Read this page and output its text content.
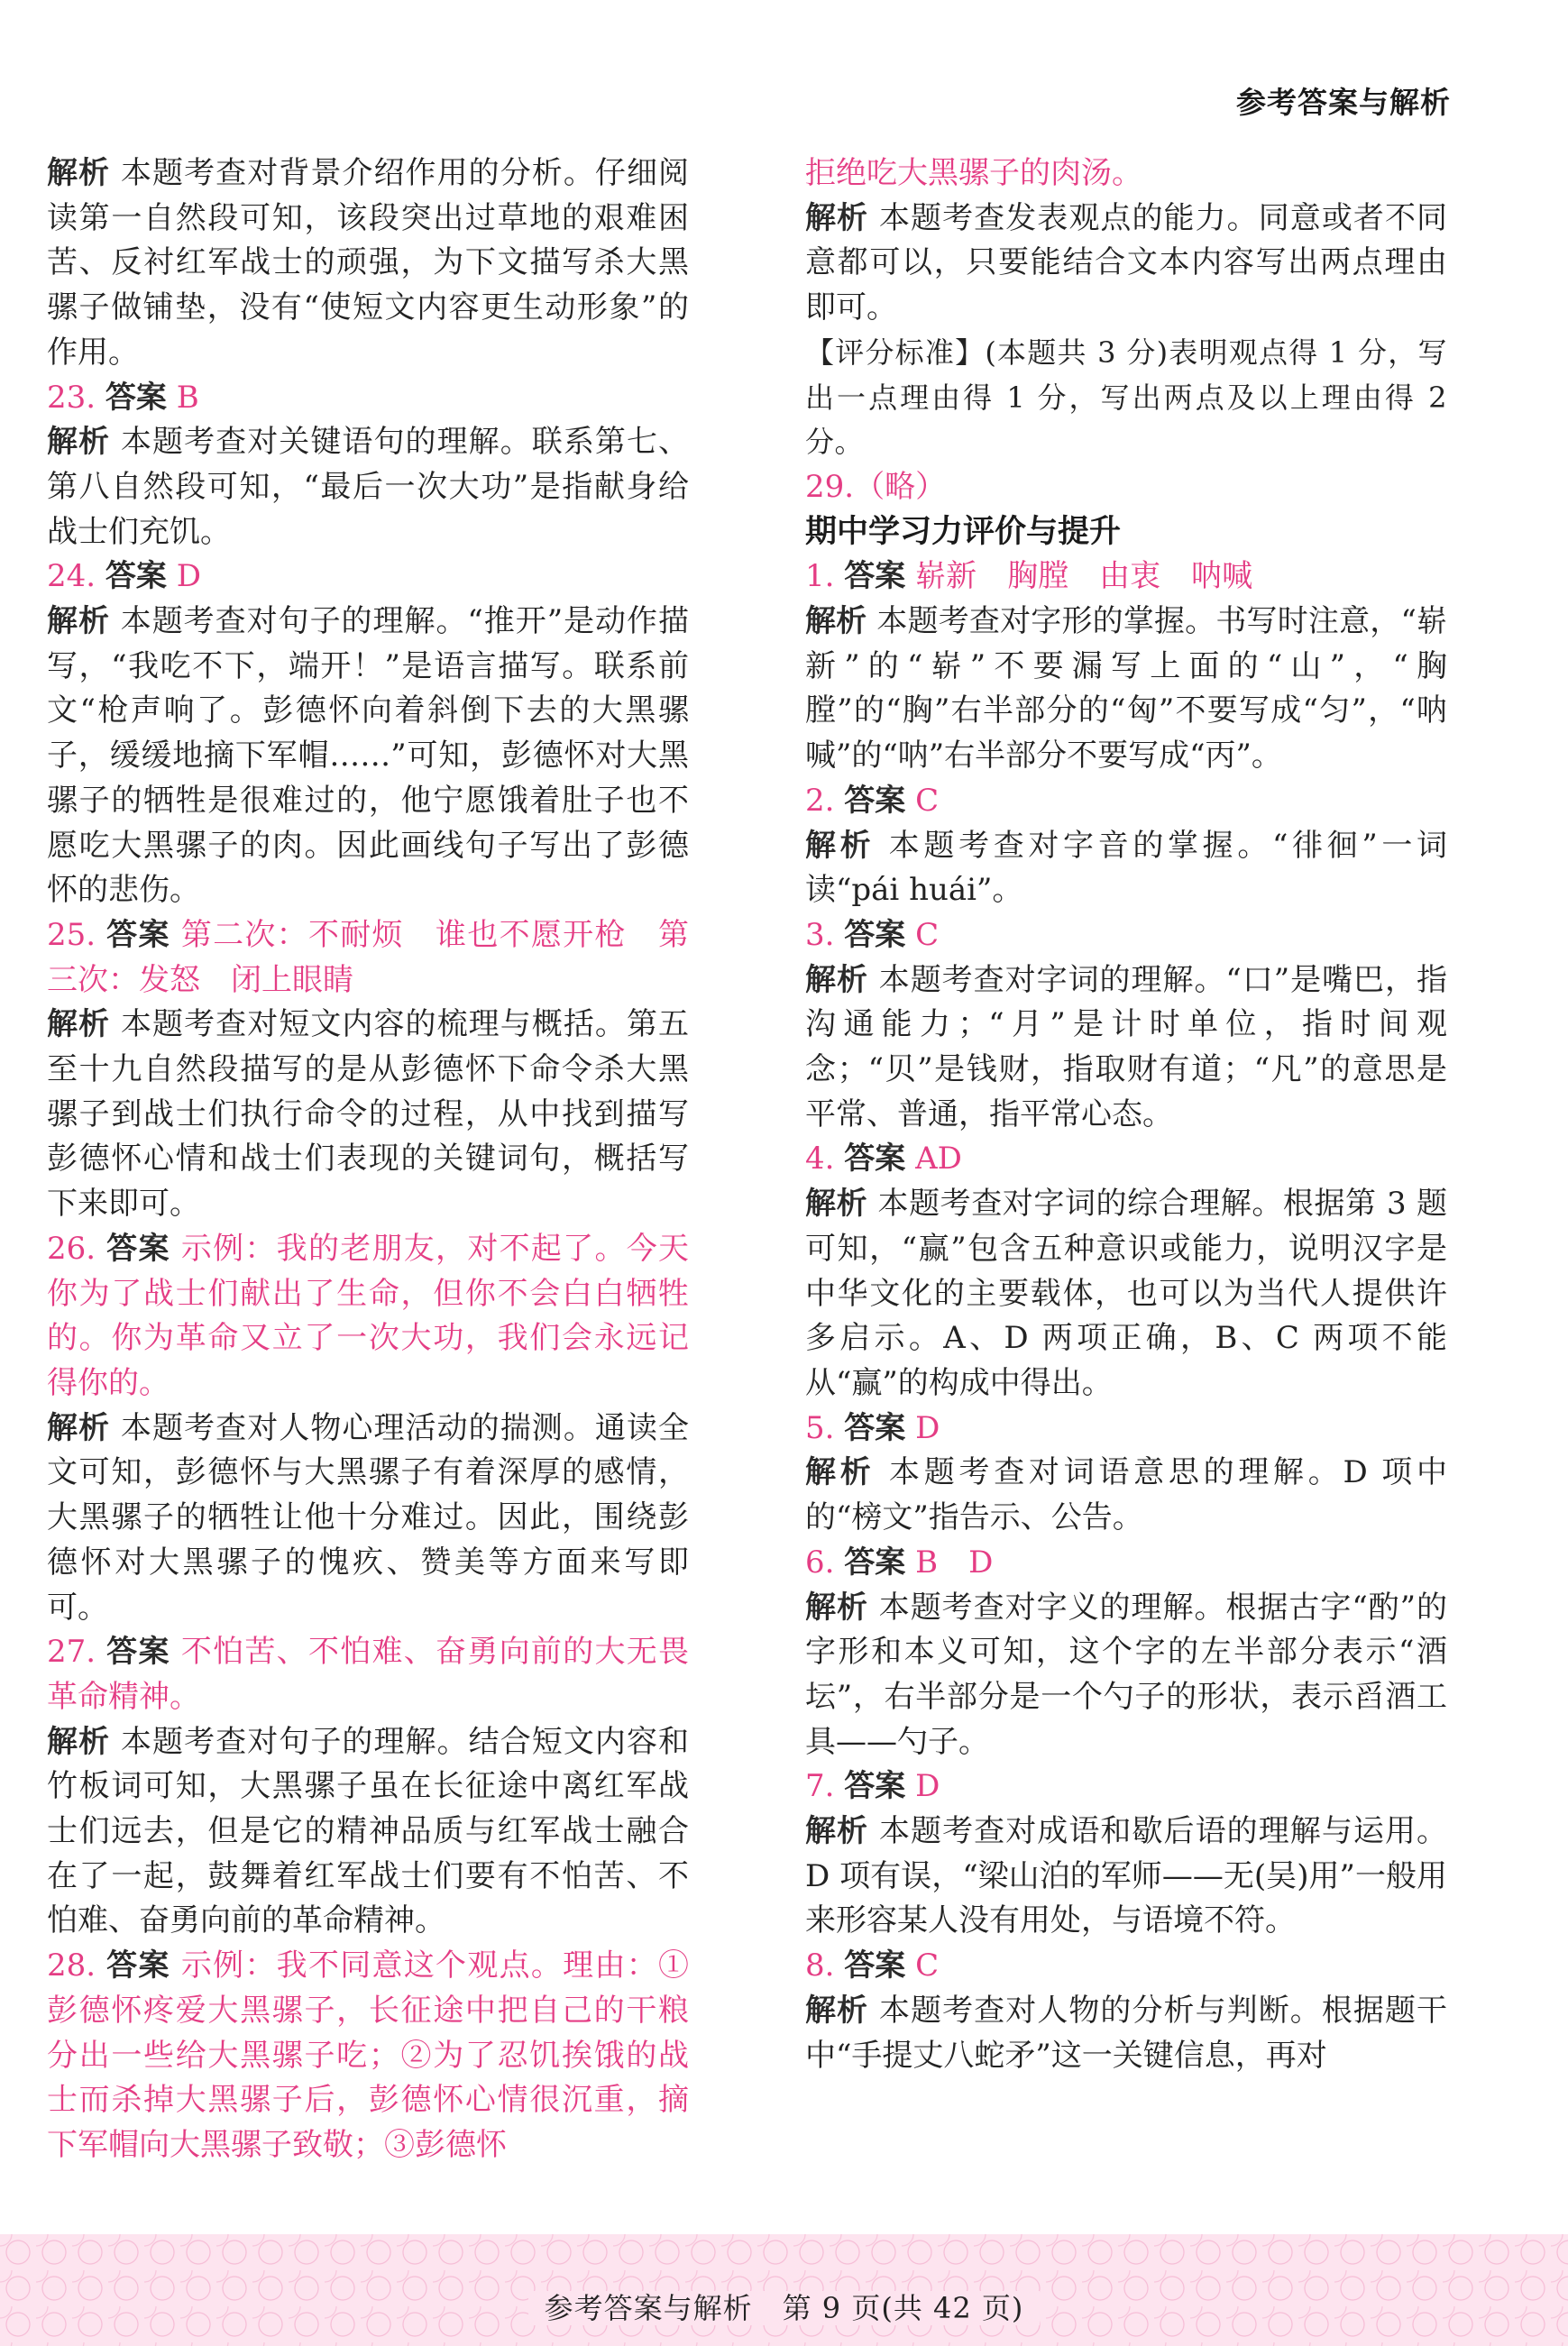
参考答案与解析

解析 本题考查对背景介绍作用的分析。仔细阅读第一自然段可知，该段突出过草地的艰难困苦、反衬红军战士的顽强，为下文描写杀大黑骡子做铺垫，没有“使短文内容更生动形象”的作用。

23. 答案 B

解析 本题考查对关键语句的理解。联系第七、第八自然段可知，“最后一次大功”是指献身给战士们充饥。

24. 答案 D

解析 本题考查对句子的理解。“推开”是动作描写，“我吃不下，端开！”是语言描写。联系前文“枪声响了。彭德怀向着斜倒下去的大黑骡子，缓缓地摘下军帽……”可知，彭德怀对大黑骡子的牺牲是很难过的，他宁愿饿着肚子也不愿吃大黑骡子的肉。因此画线句子写出了彭德怀的悲伤。

25. 答案 第二次：不耐烦　谁也不愿开枪　第三次：发怒　闭上眼睛

解析 本题考查对短文内容的梳理与概括。第五至十九自然段描写的是从彭德怀下命令杀大黑骡子到战士们执行命令的过程，从中找到描写彭德怀心情和战士们表现的关键词句，概括写下来即可。

26. 答案 示例：我的老朋友，对不起了。今天你为了战士们献出了生命，但你不会白白牺牲的。你为革命又立了一次大功，我们会永远记得你的。

解析 本题考查对人物心理活动的揣测。通读全文可知，彭德怀与大黑骡子有着深厚的感情，大黑骡子的牺牲让他十分难过。因此，围绕彭德怀对大黑骡子的愧疚、赞美等方面来写即可。

27. 答案 不怕苦、不怕难、奋勇向前的大无畏革命精神。

解析 本题考查对句子的理解。结合短文内容和竹板词可知，大黑骡子虽在长征途中离红军战士们远去，但是它的精神品质与红军战士融合在了一起，鼓舞着红军战士们要有不怕苦、不怕难、奋勇向前的革命精神。

28. 答案 示例：我不同意这个观点。理由：①彭德怀疼爱大黑骡子，长征途中把自己的干粮分出一些给大黑骡子吃；②为了忍饥挨饿的战士而杀掉大黑骡子后，彭德怀心情很沉重，摘下军帽向大黑骡子致敬；③彭德怀

拒绝吃大黑骡子的肉汤。

解析 本题考查发表观点的能力。同意或者不同意都可以，只要能结合文本内容写出两点理由即可。

【评分标准】(本题共 3 分)表明观点得 1 分，写出一点理由得 1 分，写出两点及以上理由得 2 分。

29.（略）

期中学习力评价与提升

1. 答案 崭新　胸膛　由衷　呐喊

解析 本题考查对字形的掌握。书写时注意，“崭新”的“崭”不要漏写上面的“山”，“胸膛”的“胸”右半部分的“匈”不要写成“匀”，“呐喊”的“呐”右半部分不要写成“丙”。

2. 答案 C

解析 本题考查对字音的掌握。“徘徊”一词读“pái huái”。

3. 答案 C

解析 本题考查对字词的理解。“口”是嘴巴，指沟通能力；“月”是计时单位，指时间观念；“贝”是钱财，指取财有道；“凡”的意思是平常、普通，指平常心态。

4. 答案 AD

解析 本题考查对字词的综合理解。根据第 3 题可知，“赢”包含五种意识或能力，说明汉字是中华文化的主要载体，也可以为当代人提供许多启示。A、D 两项正确，B、C 两项不能从“赢”的构成中得出。

5. 答案 D

解析 本题考查对词语意思的理解。D 项中的“榜文”指告示、公告。

6. 答案 B　D

解析 本题考查对字义的理解。根据古字“酌”的字形和本义可知，这个字的左半部分表示“酒坛”，右半部分是一个勺子的形状，表示舀酒工具——勺子。

7. 答案 D

解析 本题考查对成语和歇后语的理解与运用。D 项有误，“梁山泊的军师——无(吴)用”一般用来形容某人没有用处，与语境不符。

8. 答案 C

解析 本题考查对人物的分析与判断。根据题干中“手提丈八蛇矛”这一关键信息，再对

参考答案与解析　第 9 页(共 42 页)
